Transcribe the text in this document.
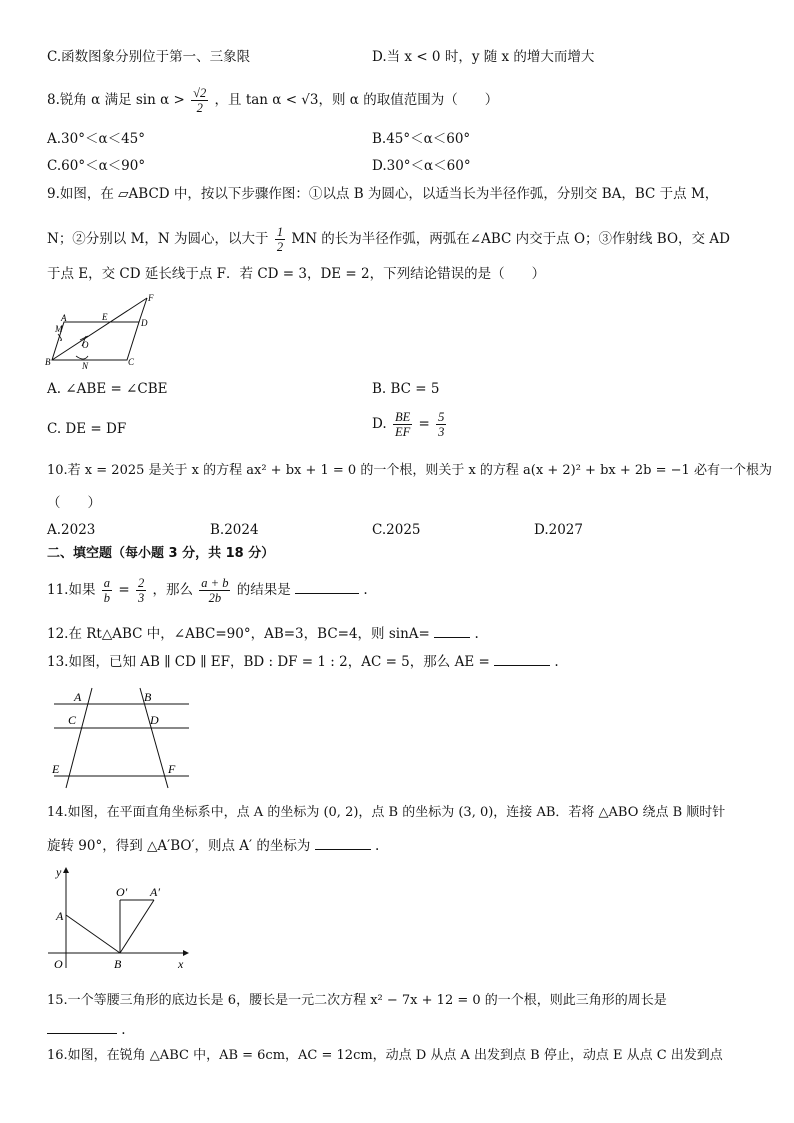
C.函数图象分别位于第一、三象限	D.当 x < 0 时，y 随 x 的增大而增大
8.锐角 α 满足 $\sin \alpha > \frac{√2}{2}$ ，且 tan α < √3，则 α 的取值范围为（　　）
A.30°＜α＜45°	B.45°＜α＜60°
C.60°＜α＜90°	D.30°＜α＜60°
9.如图，在 ▱ABCD 中，按以下步骤作图：①以点 B 为圆心，以适当长为半径作弧，分别交 BA，BC 于点 M，
N；②分别以 M，N 为圆心，以大于 $\frac{1}{2}$ MN 的长为半径作弧，两弧在∠ABC 内交于点 O；③作射线 BO，交 AD
于点 E，交 CD 延长线于点 F．若 CD = 3，DE = 2，下列结论错误的是（　　）
A
M
E
D
F
O
B	N	C
A. ∠ABE = ∠CBE	B. BC = 5
C. DE = DF	D. $\frac{BE}{EF} = \frac{5}{3}$
10.若 x = 2025 是关于 x 的方程 ax² + bx + 1 = 0 的一个根，则关于 x 的方程 a(x + 2)² + bx + 2b = −1 必有一个根为
（　　）
A.2023	B.2024	C.2025	D.2027
二、填空题（每小题 3 分，共 18 分）
11.如果 $\frac{a}{b} = \frac{2}{3}$ ，那么 $\frac{a + b}{2b}$ 的结果是	.
12.在 Rt△ABC 中，∠ABC=90°，AB=3，BC=4，则 sinA=	.
13.如图，已知 AB ∥ CD ∥ EF，BD : DF = 1 : 2，AC = 5，那么 AE =	.
A	B
C	D
E	F
14.如图，在平面直角坐标系中，点 A 的坐标为 (0, 2)，点 B 的坐标为 (3, 0)，连接 AB．若将 △ABO 绕点 B 顺时针
旋转 90°，得到 △A′BO′，则点 A′ 的坐标为	.
y
O′ A′
A
O	B	x
15.一个等腰三角形的底边长是 6，腰长是一元二次方程 x² − 7x + 12 = 0 的一个根，则此三角形的周长是
.
16.如图，在锐角 △ABC 中，AB = 6cm，AC = 12cm，动点 D 从点 A 出发到点 B 停止，动点 E 从点 C 出发到点
